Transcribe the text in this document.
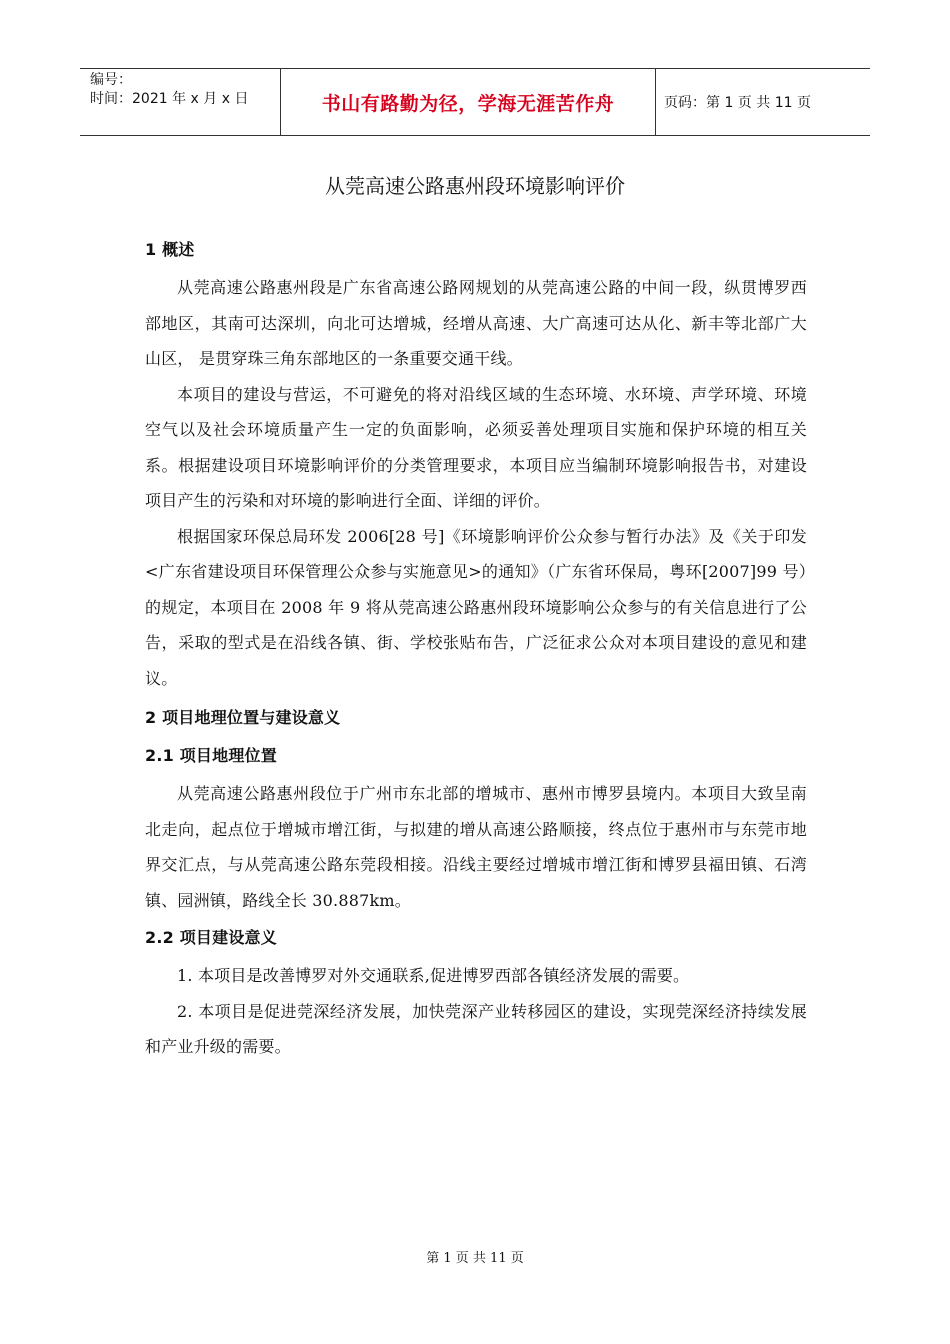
编号：
时间：2021 年 x 月 x 日	书山有路勤为径，学海无涯苦作舟	页码：第 1 页 共 11 页
从莞高速公路惠州段环境影响评价
1 概述

从莞高速公路惠州段是广东省高速公路网规划的从莞高速公路的中间一段，纵贯博罗西部地区，其南可达深圳，向北可达增城，经增从高速、大广高速可达从化、新丰等北部广大山区， 是贯穿珠三角东部地区的一条重要交通干线。

本项目的建设与营运，不可避免的将对沿线区域的生态环境、水环境、声学环境、环境空气以及社会环境质量产生一定的负面影响，必须妥善处理项目实施和保护环境的相互关系。根据建设项目环境影响评价的分类管理要求，本项目应当编制环境影响报告书，对建设项目产生的污染和对环境的影响进行全面、详细的评价。

根据国家环保总局环发 2006[28 号]《环境影响评价公众参与暂行办法》及《关于印发<广东省建设项目环保管理公众参与实施意见>的通知》（广东省环保局，粤环[2007]99 号）的规定，本项目在 2008 年 9 将从莞高速公路惠州段环境影响公众参与的有关信息进行了公告，采取的型式是在沿线各镇、街、学校张贴布告，广泛征求公众对本项目建设的意见和建议。

2 项目地理位置与建设意义
2.1 项目地理位置

从莞高速公路惠州段位于广州市东北部的增城市、惠州市博罗县境内。本项目大致呈南北走向，起点位于增城市增江街，与拟建的增从高速公路顺接，终点位于惠州市与东莞市地界交汇点，与从莞高速公路东莞段相接。沿线主要经过增城市增江街和博罗县福田镇、石湾镇、园洲镇，路线全长 30.887km。

2.2 项目建设意义

1. 本项目是改善博罗对外交通联系,促进博罗西部各镇经济发展的需要。

2. 本项目是促进莞深经济发展，加快莞深产业转移园区的建设，实现莞深经济持续发展和产业升级的需要。

第 1 页 共 11 页
